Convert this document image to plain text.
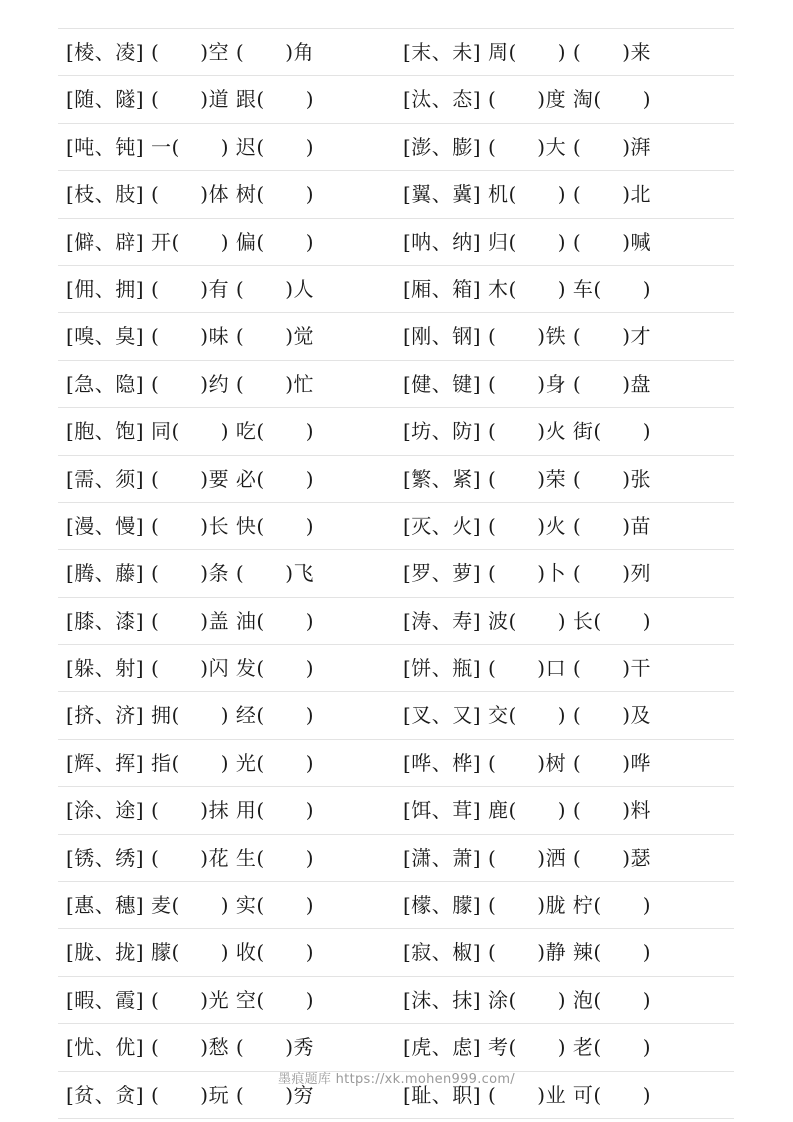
[棱、凌] (　　)空 (　　)角	[末、未] 周(　　) (　　)来
[随、隧] (　　)道 跟(　　)	[汰、态] (　　)度 淘(　　)
[吨、钝] 一(　　) 迟(　　)	[澎、膨] (　　)大 (　　)湃
[枝、肢] (　　)体 树(　　)	[翼、冀] 机(　　) (　　)北
[僻、辟] 开(　　) 偏(　　)	[呐、纳] 归(　　) (　　)喊
[佣、拥] (　　)有 (　　)人	[厢、箱] 木(　　) 车(　　)
[嗅、臭] (　　)味 (　　)觉	[刚、钢] (　　)铁 (　　)才
[急、隐] (　　)约 (　　)忙	[健、键] (　　)身 (　　)盘
[胞、饱] 同(　　) 吃(　　)	[坊、防] (　　)火 街(　　)
[需、须] (　　)要 必(　　)	[繁、紧] (　　)荣 (　　)张
[漫、慢] (　　)长 快(　　)	[灭、火] (　　)火 (　　)苗
[腾、藤] (　　)条 (　　)飞	[罗、萝] (　　)卜 (　　)列
[膝、漆] (　　)盖 油(　　)	[涛、寿] 波(　　) 长(　　)
[躲、射] (　　)闪 发(　　)	[饼、瓶] (　　)口 (　　)干
[挤、济] 拥(　　) 经(　　)	[叉、又] 交(　　) (　　)及
[辉、挥] 指(　　) 光(　　)	[哗、桦] (　　)树 (　　)哗
[涂、途] (　　)抹 用(　　)	[饵、茸] 鹿(　　) (　　)料
[锈、绣] (　　)花 生(　　)	[潇、萧] (　　)洒 (　　)瑟
[惠、穗] 麦(　　) 实(　　)	[檬、朦] (　　)胧 柠(　　)
[胧、拢] 朦(　　) 收(　　)	[寂、椒] (　　)静 辣(　　)
[暇、霞] (　　)光 空(　　)	[沫、抹] 涂(　　) 泡(　　)
[忧、优] (　　)愁 (　　)秀	[虎、虑] 考(　　) 老(　　)
[贫、贪] (　　)玩 (　　)穷	[耻、职] (　　)业 可(　　)
墨痕题库 https://xk.mohen999.com/
